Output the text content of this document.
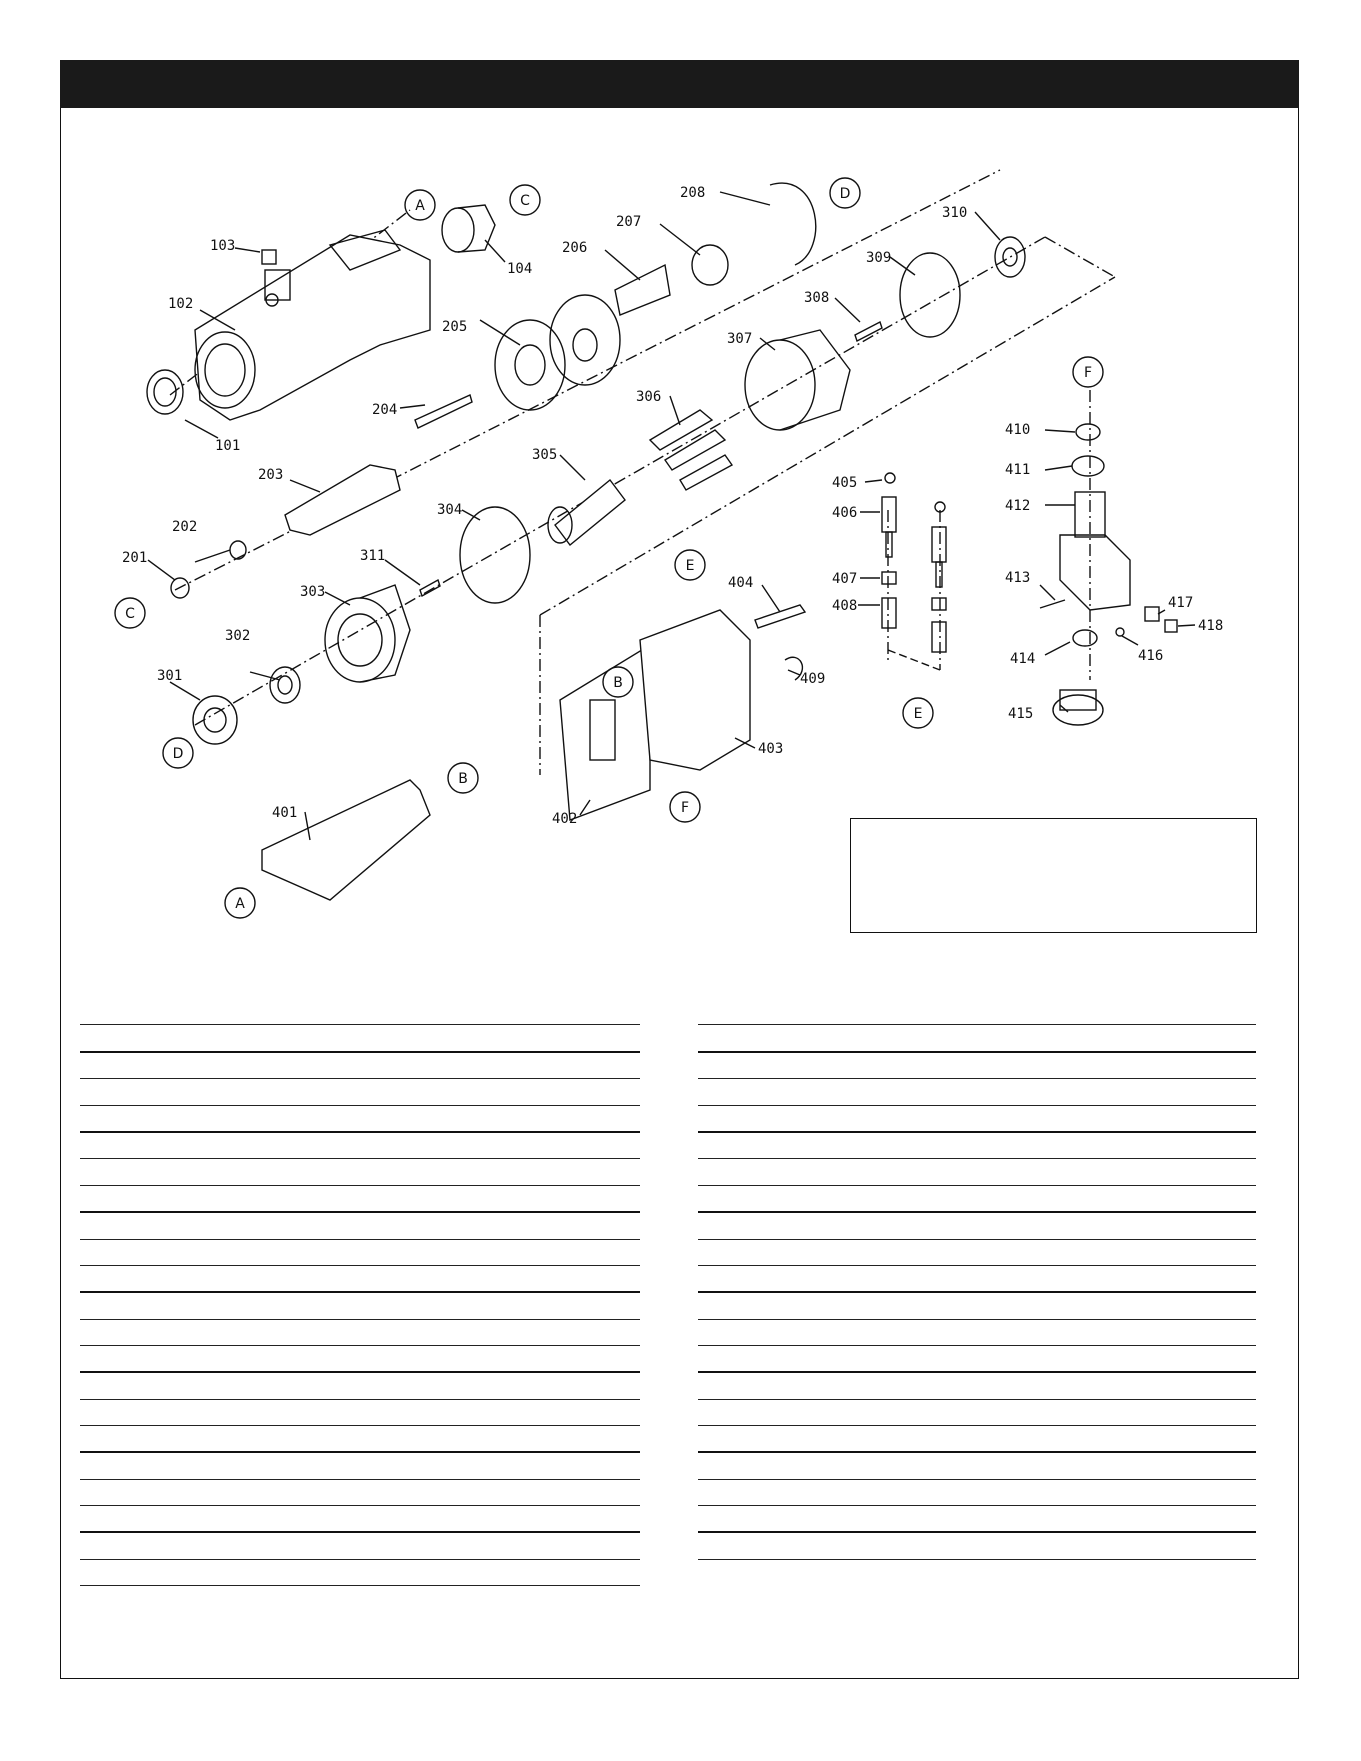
103
102
101
104
201
202
203
204
205
206
207
208
301
302
303
304
305
306
307
308
309
310
311
401	402
403
404
405
406
407
408
409
410
411
412
413
414
415
416
417
418
A	C	D
F
C
D
E
B
E
F
B
A
